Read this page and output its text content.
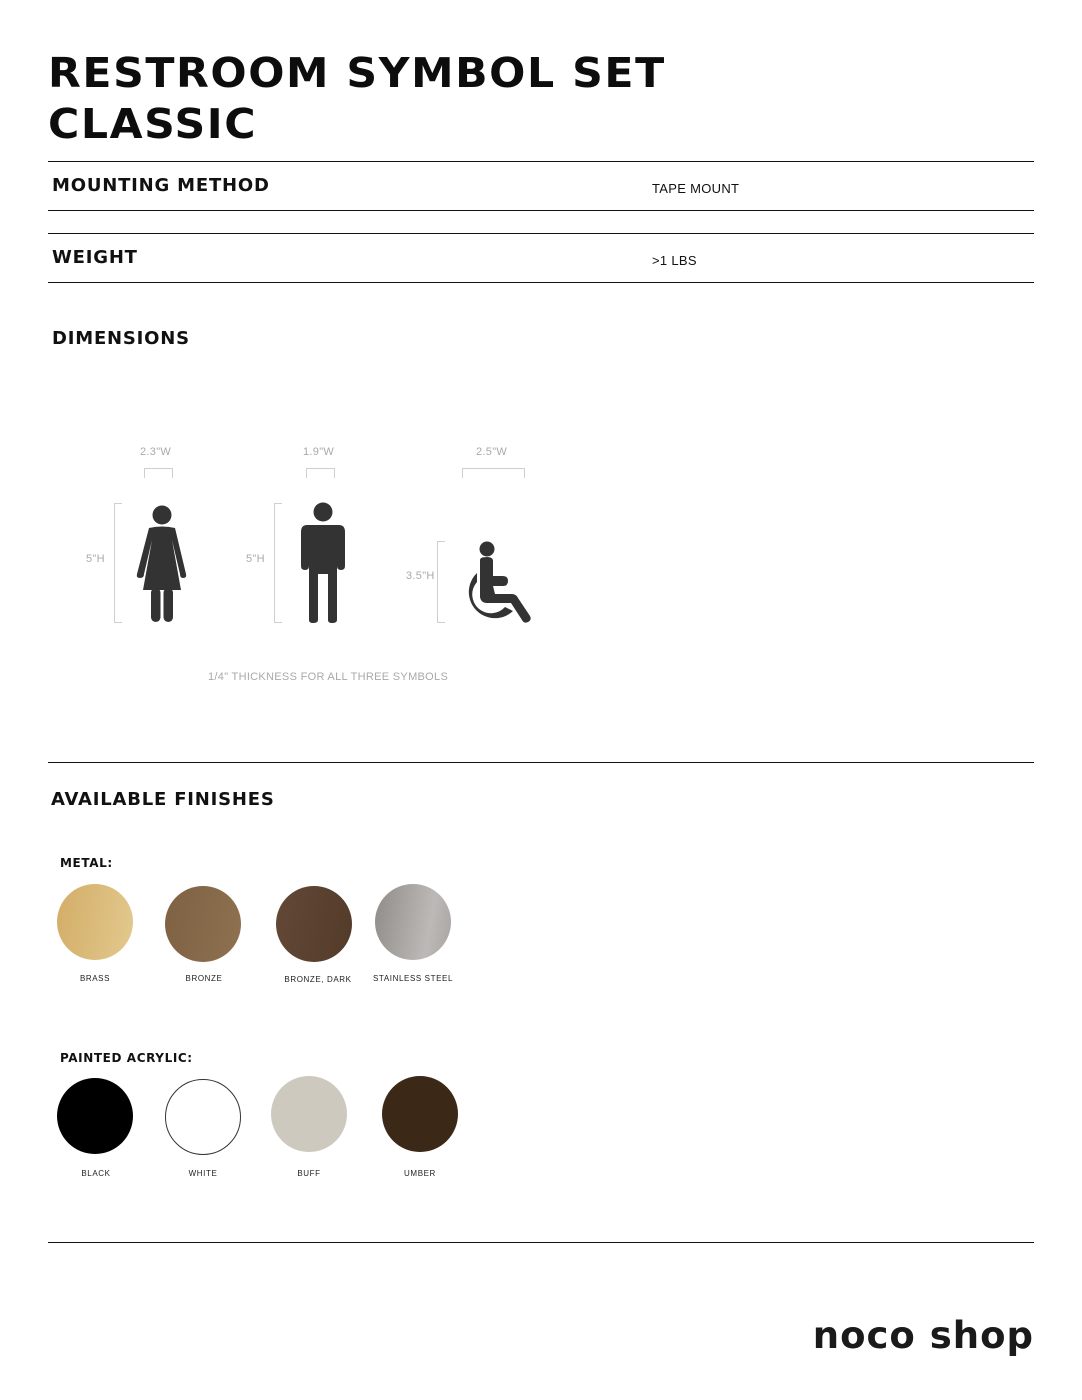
RESTROOM SYMBOL SET
CLASSIC
MOUNTING METHOD	TAPE MOUNT
WEIGHT	>1 LBS
DIMENSIONS
2.3"W
5"H
1.9"W
5"H
2.5"W
3.5"H
1/4" THICKNESS FOR ALL THREE SYMBOLS
AVAILABLE FINISHES
METAL:
BRASS	BRONZE	BRONZE, DARK	STAINLESS STEEL
PAINTED ACRYLIC:
BLACK	WHITE	BUFF	UMBER
noco shop
